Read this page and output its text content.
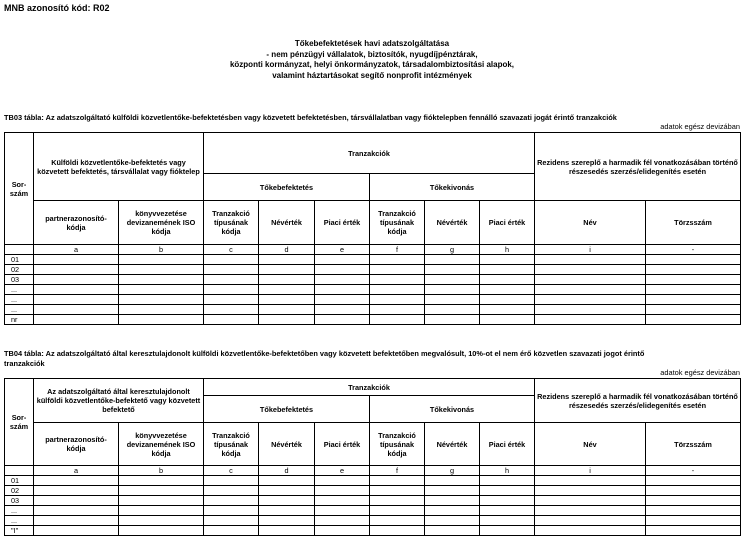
MNB azonosító kód: R02
Tőkebefektetések havi adatszolgáltatása
- nem pénzügyi vállalatok, biztosítók, nyugdíjpénztárak,
központi kormányzat, helyi önkormányzatok, társadalombiztosítási alapok,
valamint háztartásokat segítő nonprofit intézmények
TB03 tábla: Az adatszolgáltató külföldi közvetlentőke-befektetésben vagy közvetett befektetésben, társvállalatban vagy fióktelepben fennálló szavazati jogát érintő tranzakciók
adatok egész devizában
Sor-szám	Külföldi közvetlentőke-befektetés vagy közvetett befektetés, társvállalat vagy fióktelep		Tranzakciók						Rezidens szereplő a harmadik fél vonatkozásában történő részesedés szerzés/elidegenítés esetén	
			Tőkebefektetés			Tőkekivonás				
	partnerazonosító-kódja	könyvvezetése devizanemének ISO kódja	Tranzakció típusának kódja	Névérték	Piaci érték	Tranzakció típusának kódja	Névérték	Piaci érték	Név	Törzsszám
	a	b	c	d	e	f	g	h	i	-
01										
02										
03										
...										
...										
...										
nr										
TB04 tábla: Az adatszolgáltató által keresztulajdonolt külföldi közvetlentőke-befektetőben vagy közvetett befektetőben megvalósult, 10%-ot el nem érő közvetlen szavazati jogot érintő
tranzakciók
adatok egész devizában
Sor-szám	Az adatszolgáltató által keresztulajdonolt külföldi közvetlentőke-befektető vagy közvetett befektető		Tranzakciók						Rezidens szereplő a harmadik fél vonatkozásában történő részesedés szerzés/elidegenítés esetén	
			Tőkebefektetés			Tőkekivonás				
	partnerazonosító-kódja	könyvvezetése devizanemének ISO kódja	Tranzakció típusának kódja	Névérték	Piaci érték	Tranzakció típusának kódja	Névérték	Piaci érték	Név	Törzsszám
	a	b	c	d	e	f	g	h	i	-
01										
02										
03										
...										
...										
"I"										
